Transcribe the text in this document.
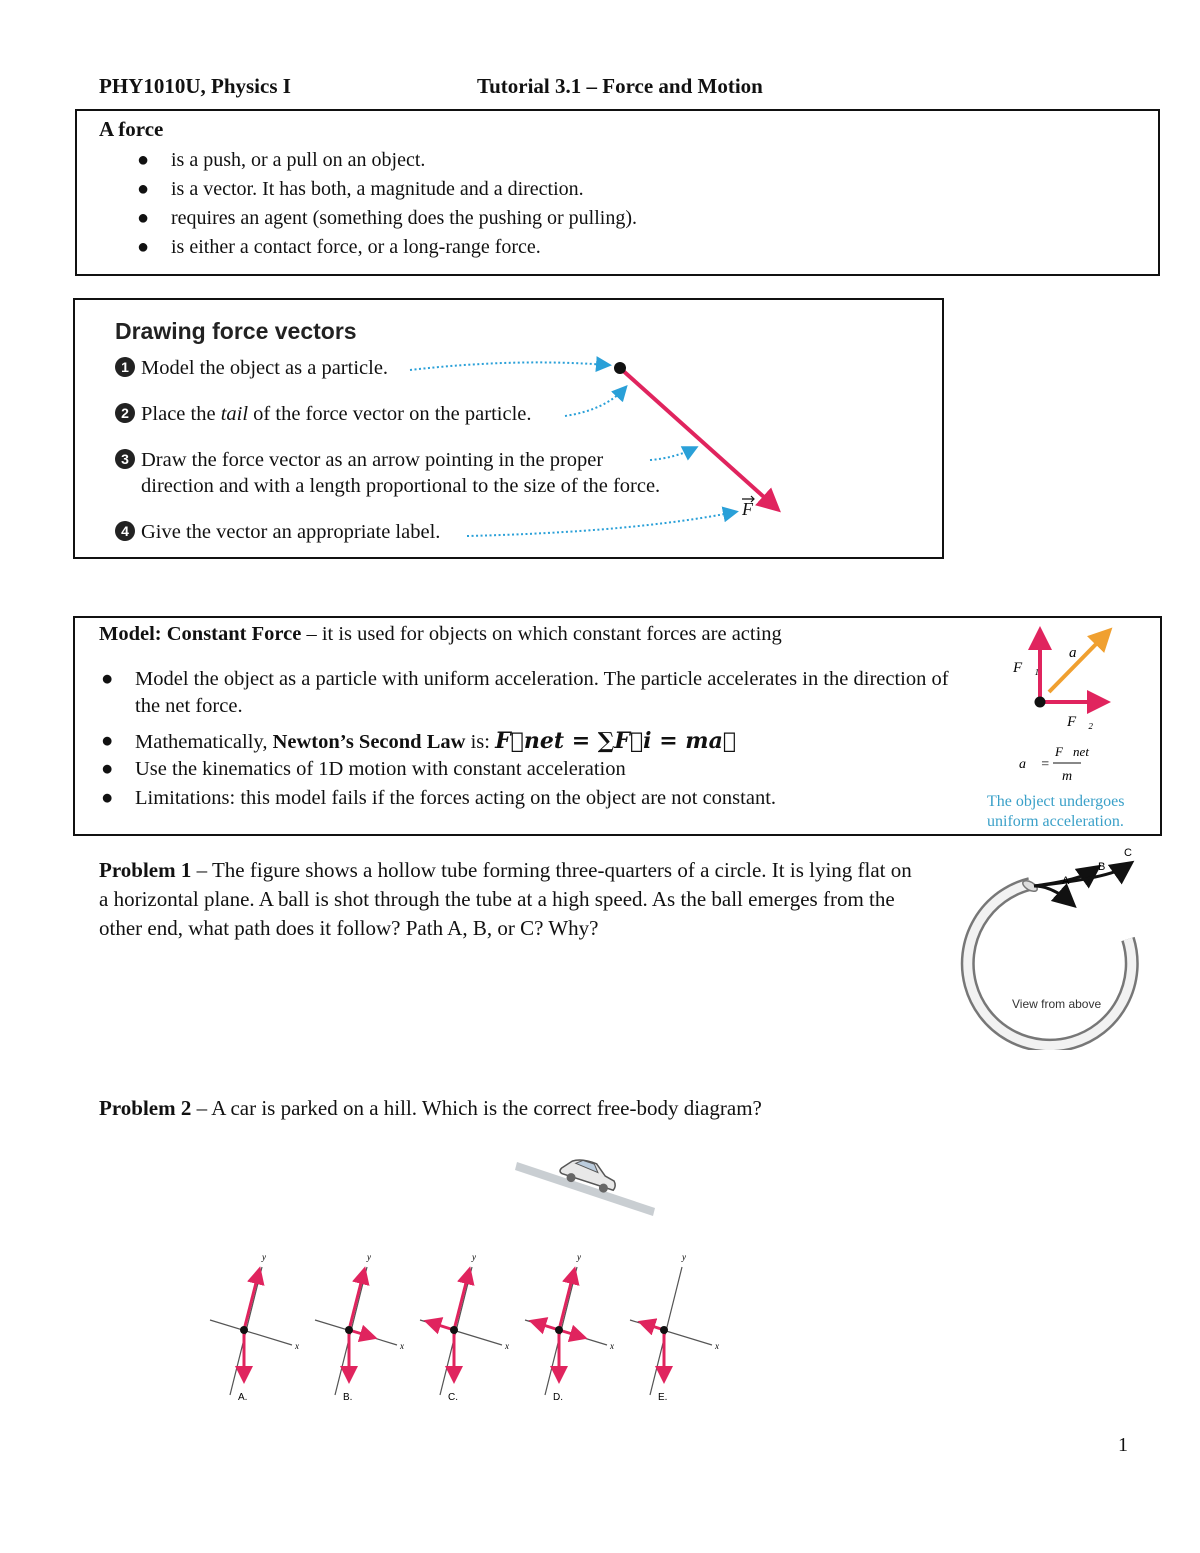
PHY1010U, Physics I	Tutorial 3.1 – Force and Motion
A force
● is a push, or a pull on an object.
● is a vector. It has both, a magnitude and a direction.
● requires an agent (something does the pushing or pulling).
● is either a contact force, or a long-range force.
Drawing force vectors
1 Model the object as a particle.
2 Place the tail of the force vector on the particle.
3 Draw the force vector as an arrow pointing in the proper
direction and with a length proportional to the size of the force.
4 Give the vector an appropriate label.
F
Model: Constant Force – it is used for objects on which constant forces are acting
● Model the object as a particle with uniform acceleration. The particle accelerates in the direction of the net force.
● Mathematically, Newton’s Second Law is: F⃗net = ∑F⃗i = ma⃗
● Use the kinematics of 1D motion with constant acceleration
● Limitations: this model fails if the forces acting on the object are not constant.
F⃗₁
F⃗₂
a⃗
a⃗ =
F⃗net
m
The object undergoes
uniform acceleration.
Problem 1 – The figure shows a hollow tube forming three-quarters of a circle. It is lying flat on a horizontal plane. A ball is shot through the tube at a high speed. As the ball emerges from the other end, what path does it follow? Path A, B, or C? Why?
A
B
C
View from above
Problem 2 – A car is parked on a hill. Which is the correct free-body diagram?
x
y
A.
x
y
B.
x
y
C.
x
y
D.
x
y
E.
1
